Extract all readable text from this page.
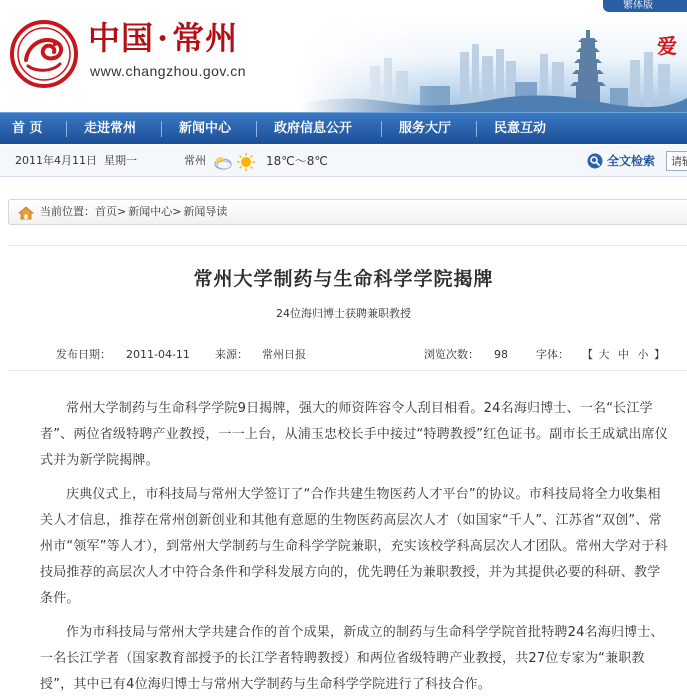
繁体版
中国·常州
www.changzhou.gov.cn
爱
首 页	走进常州	新闻中心	政府信息公开	服务大厅	民意互动
2011年4月11日 星期一	常州	18℃～8℃	全文检索
请输
当前位置：首页> 新闻中心> 新闻导读
常州大学制药与生命科学学院揭牌
24位海归博士获聘兼职教授
发布日期： 2011-04-11 来源： 常州日报	浏览次数： 98	字体： 【 大 中 小 】

常州大学制药与生命科学学院9日揭牌，强大的师资阵容令人刮目相看。24名海归博士、一名“长江学者”、两位省级特聘产业教授，一一上台，从浦玉忠校长手中接过“特聘教授”红色证书。副市长王成斌出席仪式并为新学院揭牌。

庆典仪式上，市科技局与常州大学签订了“合作共建生物医药人才平台”的协议。市科技局将全力收集相关人才信息，推荐在常州创新创业和其他有意愿的生物医药高层次人才（如国家“千人”、江苏省“双创”、常州市“领军”等人才），到常州大学制药与生命科学学院兼职，充实该校学科高层次人才团队。常州大学对于科技局推荐的高层次人才中符合条件和学科发展方向的，优先聘任为兼职教授，并为其提供必要的科研、教学条件。

作为市科技局与常州大学共建合作的首个成果，新成立的制药与生命科学学院首批特聘24名海归博士、一名长江学者（国家教育部授予的长江学者特聘教授）和两位省级特聘产业教授，共27位专家为“兼职教授”，其中已有4位海归博士与常州大学制药与生命科学学院进行了科技合作。
